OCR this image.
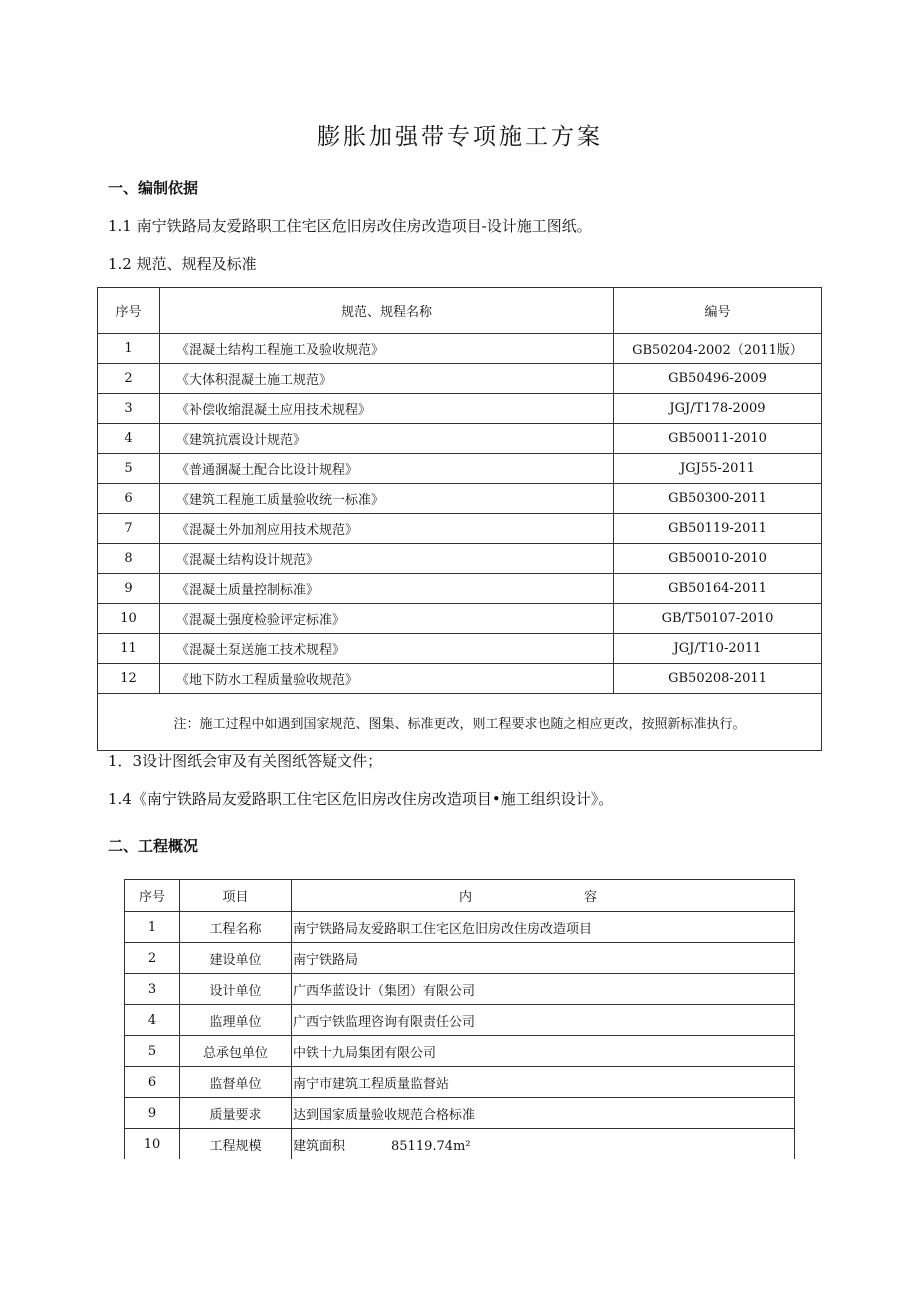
膨胀加强带专项施工方案
一、编制依据
1.1 南宁铁路局友爱路职工住宅区危旧房改住房改造项目-设计施工图纸。
1.2 规范、规程及标准
序号	规范、规程名称	编号
1	《混凝土结构工程施工及验收规范》	GB50204-2002（2011版）
2	《大体积混凝土施工规范》	GB50496-2009
3	《补偿收缩混凝土应用技术规程》	JGJ/T178-2009
4	《建筑抗震设计规范》	GB50011-2010
5	《普通溷凝土配合比设计规程》	JGJ55-2011
6	《建筑工程施工质量验收统一标准》	GB50300-2011
7	《混凝土外加剂应用技术规范》	GB50119-2011
8	《混凝土结构设计规范》	GB50010-2010
9	《混凝土质量控制标准》	GB50164-2011
10	《混凝土强度检验评定标准》	GB/T50107-2010
11	《混凝土泵送施工技术规程》	JGJ/T10-2011
12	《地下防水工程质量验收规范》	GB50208-2011
注：施工过程中如遇到国家规范、图集、标准更改，则工程要求也随之相应更改，按照新标准执行。		
1．3设计图纸会审及有关图纸答疑文件；
1.4《南宁铁路局友爱路职工住宅区危旧房改住房改造项目•施工组织设计》。
二、工程概况
序号	项目	内 容
1	工程名称	南宁铁路局友爱路职工住宅区危旧房改住房改造项目
2	建设单位	南宁铁路局
3	设计单位	广西华蓝设计（集团）有限公司
4	监理单位	广西宁铁监理咨询有限责任公司
5	总承包单位	中铁十九局集团有限公司
6	监督单位	南宁市建筑工程质量监督站
9	质量要求	达到国家质量验收规范合格标准
10	工程规模	建筑面积 85119.74m²
